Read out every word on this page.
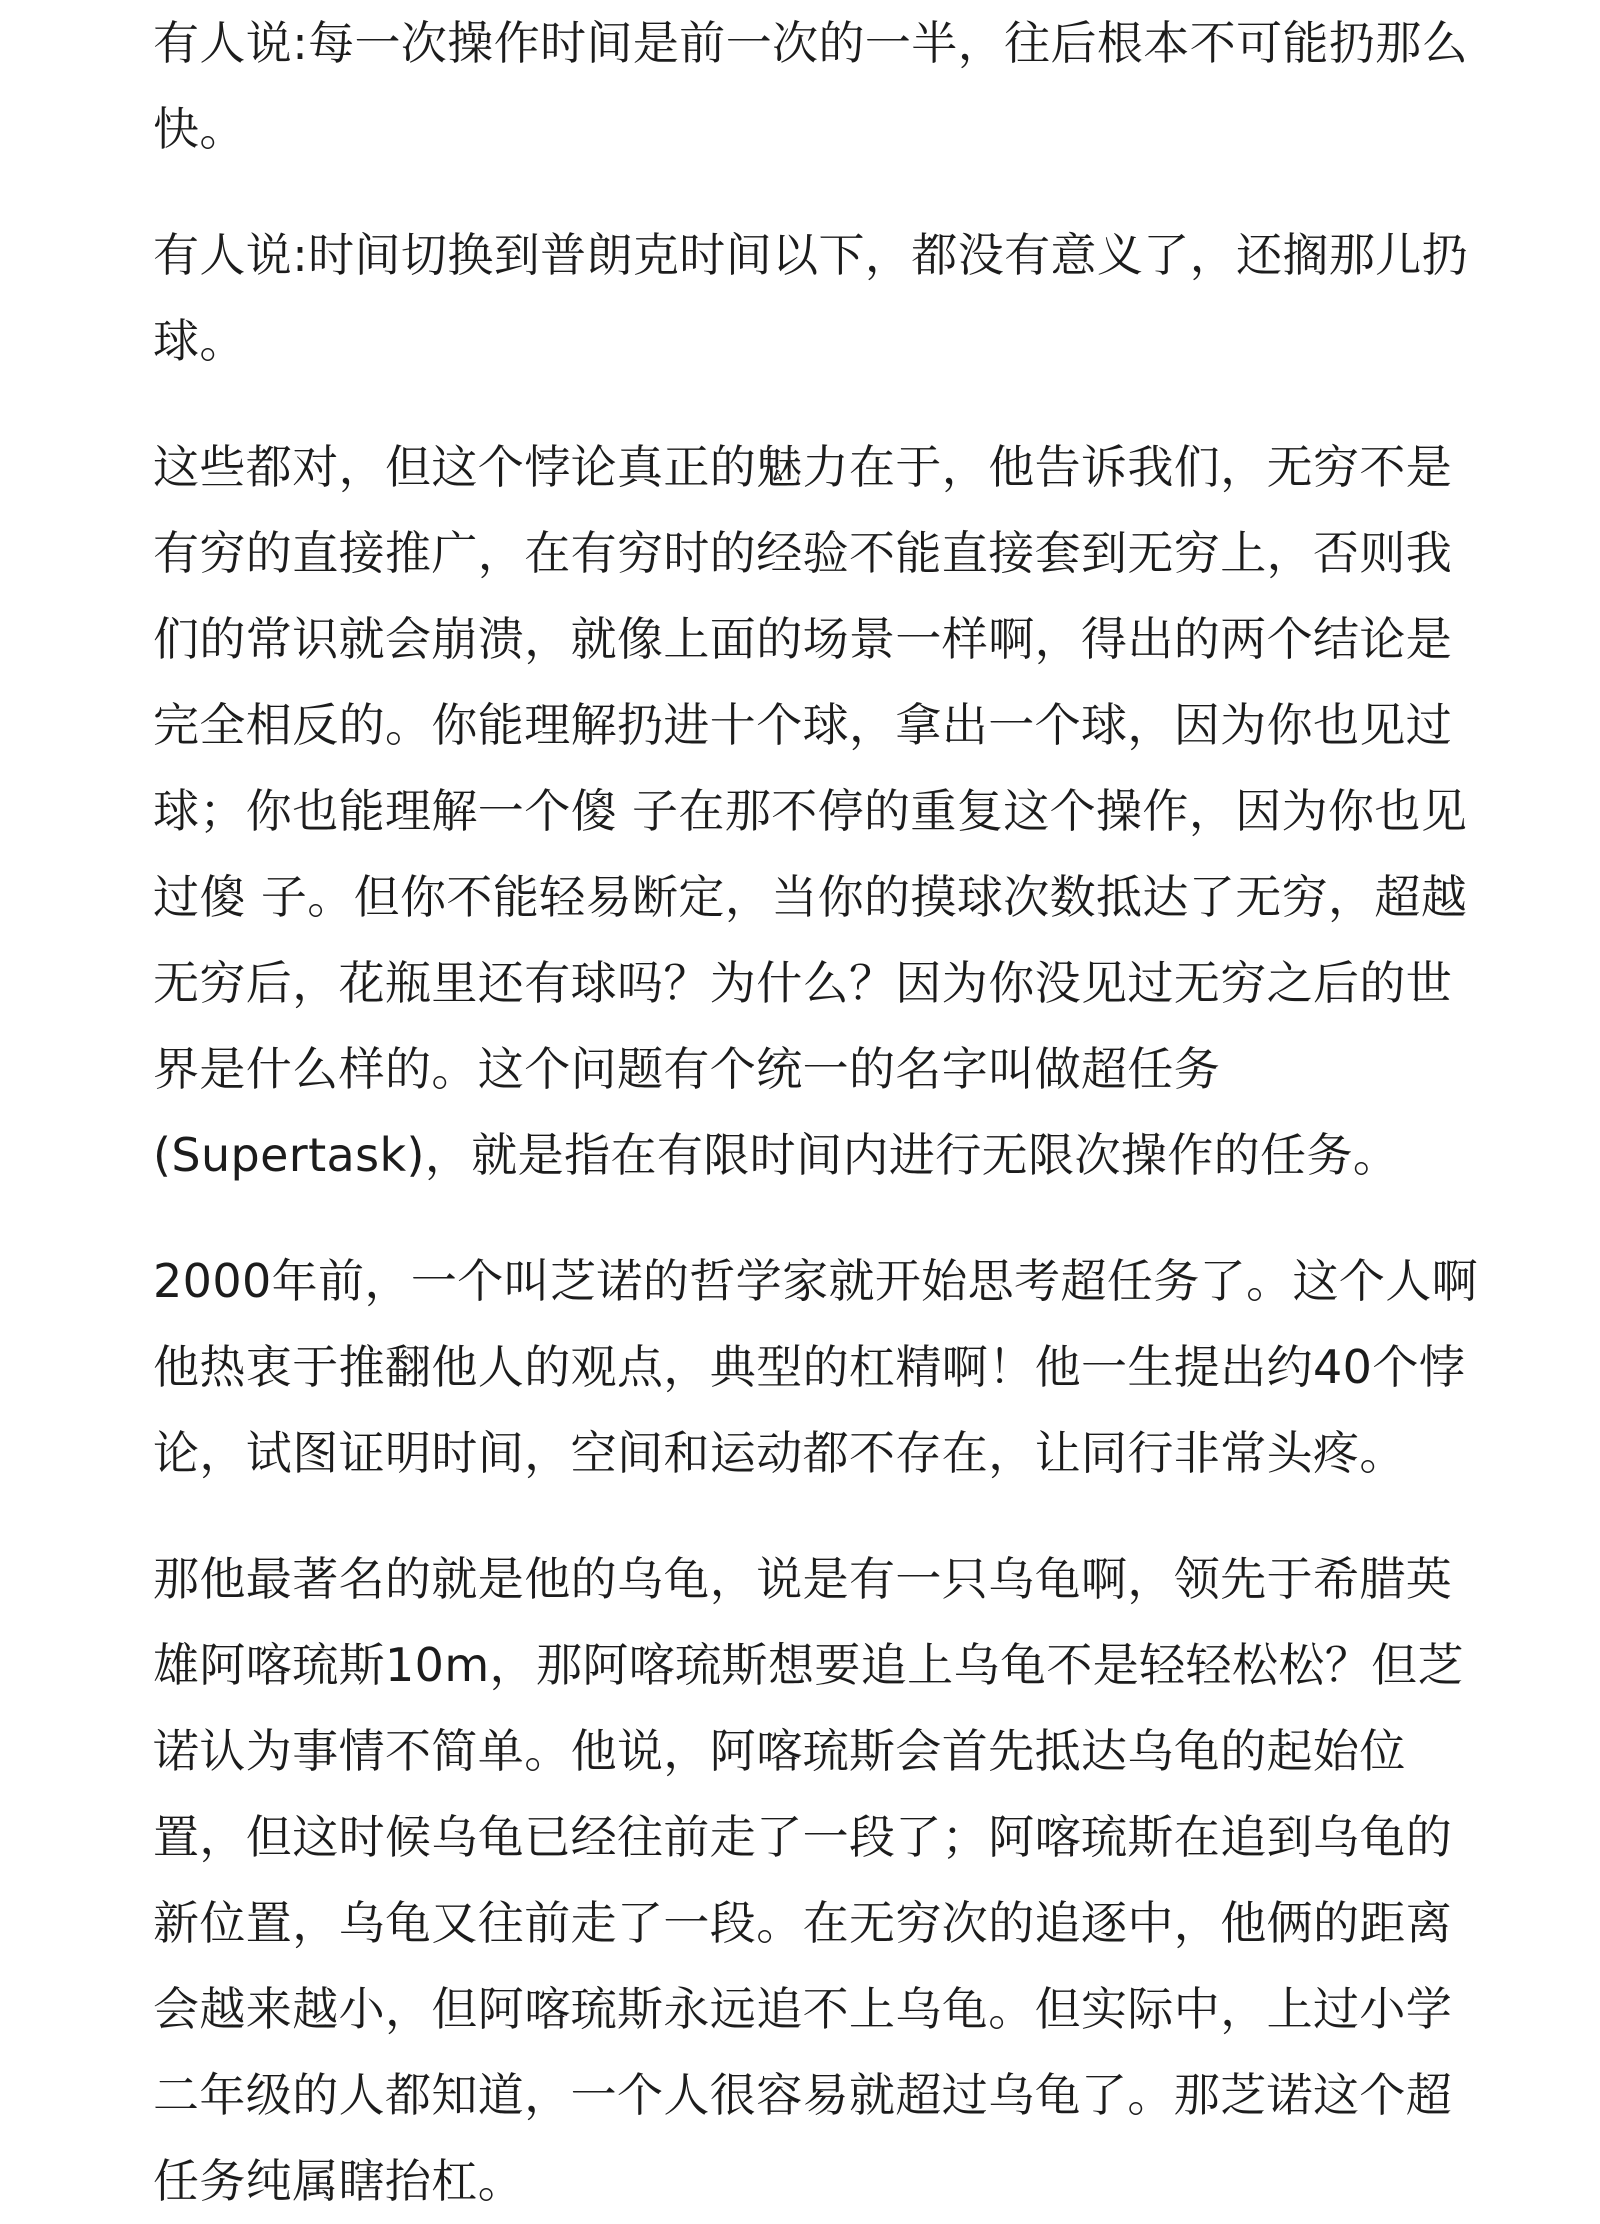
有人说:每一次操作时间是前一次的一半，往后根本不可能扔那么
快。
有人说:时间切换到普朗克时间以下，都没有意义了，还搁那儿扔
球。
这些都对，但这个悖论真正的魅力在于，他告诉我们，无穷不是
有穷的直接推广，在有穷时的经验不能直接套到无穷上，否则我
们的常识就会崩溃，就像上面的场景一样啊，得出的两个结论是
完全相反的。你能理解扔进十个球，拿出一个球，因为你也见过
球；你也能理解一个傻 子在那不停的重复这个操作，因为你也见
过傻 子。但你不能轻易断定，当你的摸球次数抵达了无穷，超越
无穷后，花瓶里还有球吗？为什么？因为你没见过无穷之后的世
界是什么样的。这个问题有个统一的名字叫做超任务
(Supertask)，就是指在有限时间内进行无限次操作的任务。
2000年前，一个叫芝诺的哲学家就开始思考超任务了。这个人啊
他热衷于推翻他人的观点，典型的杠精啊！他一生提出约40个悖
论，试图证明时间，空间和运动都不存在，让同行非常头疼。
那他最著名的就是他的乌龟，说是有一只乌龟啊，领先于希腊英
雄阿喀琉斯10m，那阿喀琉斯想要追上乌龟不是轻轻松松？但芝
诺认为事情不简单。他说，阿喀琉斯会首先抵达乌龟的起始位
置，但这时候乌龟已经往前走了一段了；阿喀琉斯在追到乌龟的
新位置，乌龟又往前走了一段。在无穷次的追逐中，他俩的距离
会越来越小，但阿喀琉斯永远追不上乌龟。但实际中，上过小学
二年级的人都知道，一个人很容易就超过乌龟了。那芝诺这个超
任务纯属瞎抬杠。
